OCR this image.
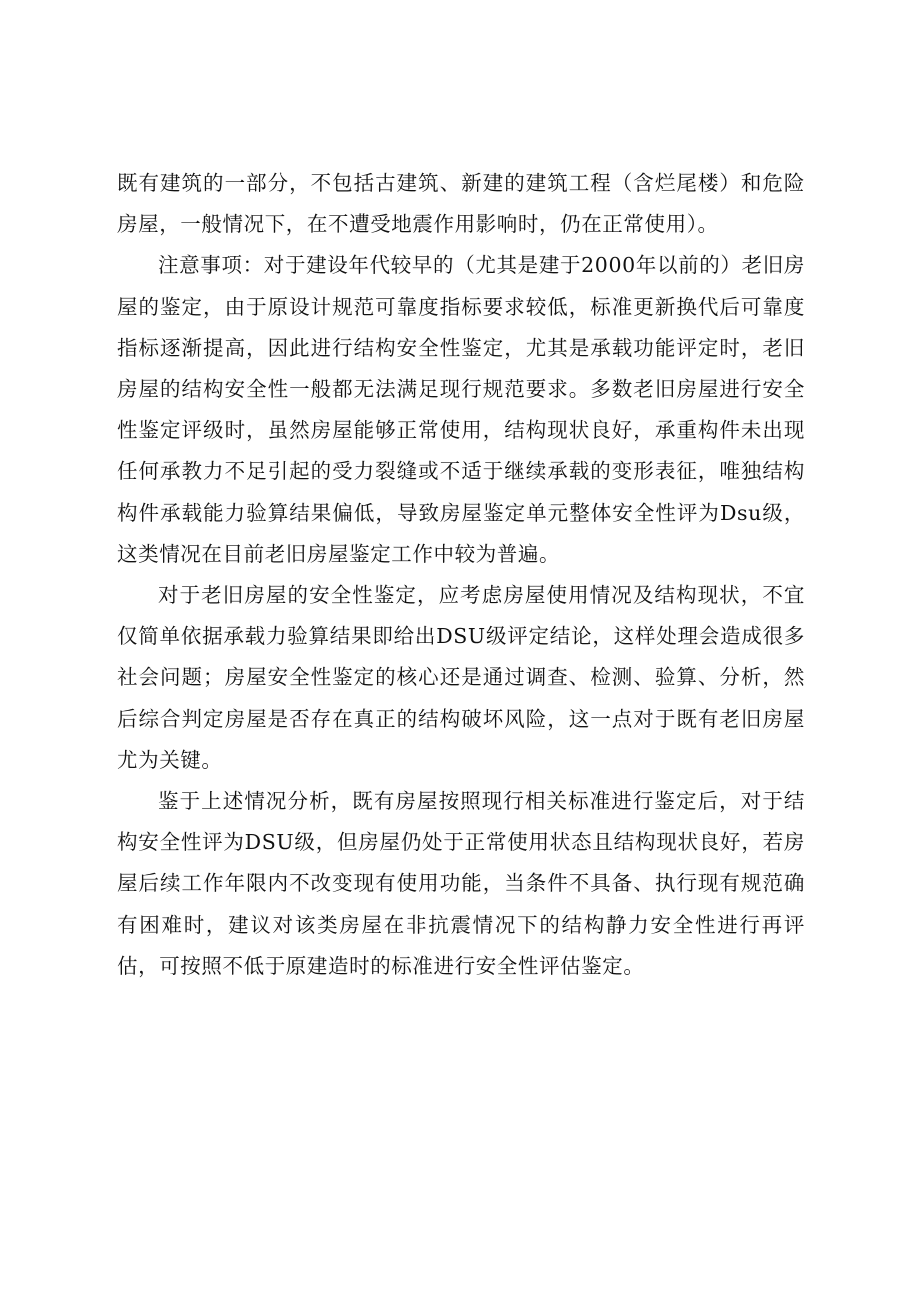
既有建筑的一部分，不包括古建筑、新建的建筑工程（含烂尾楼）和危险房屋，一般情况下，在不遭受地震作用影响时，仍在正常使用）。

注意事项：对于建设年代较早的（尤其是建于2000年以前的）老旧房屋的鉴定，由于原设计规范可靠度指标要求较低，标准更新换代后可靠度指标逐渐提高，因此进行结构安全性鉴定，尤其是承载功能评定时，老旧房屋的结构安全性一般都无法满足现行规范要求。多数老旧房屋进行安全性鉴定评级时，虽然房屋能够正常使用，结构现状良好，承重构件未出现任何承教力不足引起的受力裂缝或不适于继续承载的变形表征，唯独结构构件承载能力验算结果偏低，导致房屋鉴定单元整体安全性评为Dsu级，这类情况在目前老旧房屋鉴定工作中较为普遍。

对于老旧房屋的安全性鉴定，应考虑房屋使用情况及结构现状，不宜仅简单依据承载力验算结果即给出DSU级评定结论，这样处理会造成很多社会问题；房屋安全性鉴定的核心还是通过调查、检测、验算、分析，然后综合判定房屋是否存在真正的结构破坏风险，这一点对于既有老旧房屋尤为关键。

鉴于上述情况分析，既有房屋按照现行相关标准进行鉴定后，对于结构安全性评为DSU级，但房屋仍处于正常使用状态且结构现状良好，若房屋后续工作年限内不改变现有使用功能，当条件不具备、执行现有规范确有困难时，建议对该类房屋在非抗震情况下的结构静力安全性进行再评估，可按照不低于原建造时的标准进行安全性评估鉴定。
